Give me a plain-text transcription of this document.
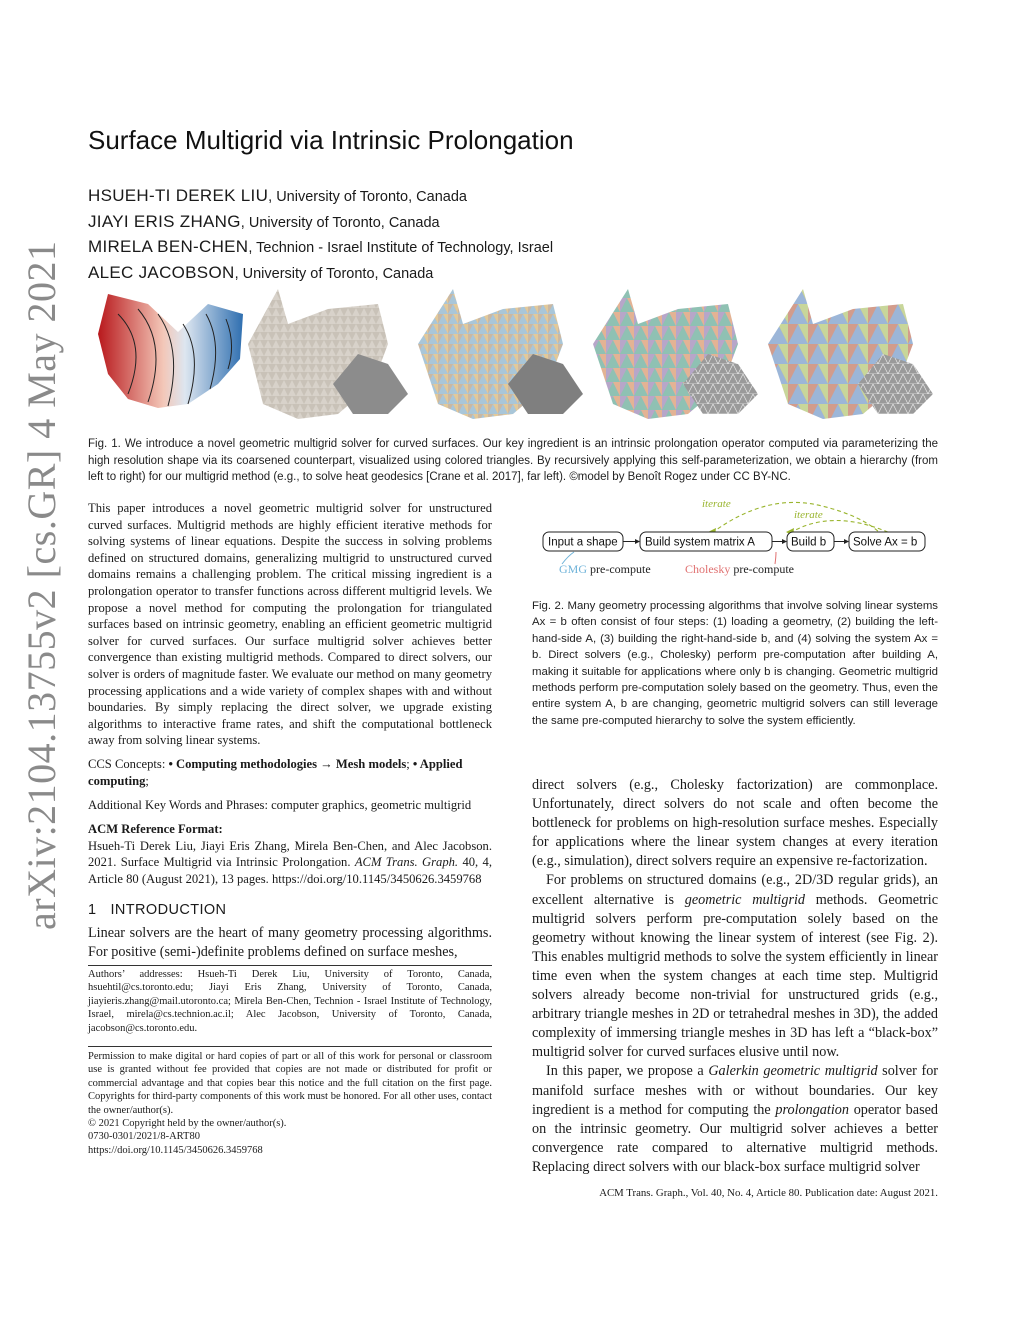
arXiv:2104.13755v2 [cs.GR] 4 May 2021
Surface Multigrid via Intrinsic Prolongation
HSUEH-TI DEREK LIU, University of Toronto, Canada
JIAYI ERIS ZHANG, University of Toronto, Canada
MIRELA BEN-CHEN, Technion - Israel Institute of Technology, Israel
ALEC JACOBSON, University of Toronto, Canada
Fig. 1. We introduce a novel geometric multigrid solver for curved surfaces. Our key ingredient is an intrinsic prolongation operator computed via parameterizing the high resolution shape via its coarsened counterpart, visualized using colored triangles. By recursively applying this self-parameterization, we obtain a hierarchy (from left to right) for our multigrid method (e.g., to solve heat geodesics [Crane et al. 2017], far left). ©model by Benoît Rogez under CC BY-NC.
This paper introduces a novel geometric multigrid solver for unstructured curved surfaces. Multigrid methods are highly efficient iterative methods for solving systems of linear equations. Despite the success in solving problems defined on structured domains, generalizing multigrid to unstructured curved domains remains a challenging problem. The critical missing ingredient is a prolongation operator to transfer functions across different multigrid levels. We propose a novel method for computing the prolongation for triangulated surfaces based on intrinsic geometry, enabling an efficient geometric multigrid solver for curved surfaces. Our surface multigrid solver achieves better convergence than existing multigrid methods. Compared to direct solvers, our solver is orders of magnitude faster. We evaluate our method on many geometry processing applications and a wide variety of complex shapes with and without boundaries. By simply replacing the direct solver, we upgrade existing algorithms to interactive frame rates, and shift the computational bottleneck away from solving linear systems.
CCS Concepts: • Computing methodologies → Mesh models; • Applied computing;
Additional Key Words and Phrases: computer graphics, geometric multigrid
ACM Reference Format:
Hsueh-Ti Derek Liu, Jiayi Eris Zhang, Mirela Ben-Chen, and Alec Jacobson. 2021. Surface Multigrid via Intrinsic Prolongation. ACM Trans. Graph. 40, 4, Article 80 (August 2021), 13 pages. https://doi.org/10.1145/3450626.3459768
1 INTRODUCTION
Linear solvers are the heart of many geometry processing algorithms. For positive (semi-)definite problems defined on surface meshes,
Authors’ addresses: Hsueh-Ti Derek Liu, University of Toronto, Canada, hsuehtil@cs.toronto.edu; Jiayi Eris Zhang, University of Toronto, Canada, jiayieris.zhang@mail.utoronto.ca; Mirela Ben-Chen, Technion - Israel Institute of Technology, Israel, mirela@cs.technion.ac.il; Alec Jacobson, University of Toronto, Canada, jacobson@cs.toronto.edu.
Permission to make digital or hard copies of part or all of this work for personal or classroom use is granted without fee provided that copies are not made or distributed for profit or commercial advantage and that copies bear this notice and the full citation on the first page. Copyrights for third-party components of this work must be honored. For all other uses, contact the owner/author(s).
© 2021 Copyright held by the owner/author(s).
0730-0301/2021/8-ART80
https://doi.org/10.1145/3450626.3459768
iterate
iterate
Input a shape Build system matrix A	Build b Solve Ax = b
GMG pre-compute	Cholesky pre-compute
Fig. 2. Many geometry processing algorithms that involve solving linear systems Ax = b often consist of four steps: (1) loading a geometry, (2) building the left-hand-side A, (3) building the right-hand-side b, and (4) solving the system Ax = b. Direct solvers (e.g., Cholesky) perform pre-computation after building A, making it suitable for applications where only b is changing. Geometric multigrid methods perform pre-computation solely based on the geometry. Thus, even the entire system A, b are changing, geometric multigrid solvers can still leverage the same pre-computed hierarchy to solve the system efficiently.

direct solvers (e.g., Cholesky factorization) are commonplace. Unfortunately, direct solvers do not scale and often become the bottleneck for problems on high-resolution surface meshes. Especially for applications where the linear system changes at every iteration (e.g., simulation), direct solvers require an expensive re-factorization.

For problems on structured domains (e.g., 2D/3D regular grids), an excellent alternative is geometric multigrid methods. Geometric multigrid solvers perform pre-computation solely based on the geometry without knowing the linear system of interest (see Fig. 2). This enables multigrid methods to solve the system efficiently in linear time even when the system changes at each time step. Multigrid solvers already become non-trivial for unstructured grids (e.g., arbitrary triangle meshes in 2D or tetrahedral meshes in 3D), the added complexity of immersing triangle meshes in 3D has left a “black-box” multigrid solver for curved surfaces elusive until now.

In this paper, we propose a Galerkin geometric multigrid solver for manifold surface meshes with or without boundaries. Our key ingredient is a method for computing the prolongation operator based on the intrinsic geometry. Our multigrid solver achieves a better convergence rate compared to alternative multigrid methods. Replacing direct solvers with our black-box surface multigrid solver

ACM Trans. Graph., Vol. 40, No. 4, Article 80. Publication date: August 2021.
